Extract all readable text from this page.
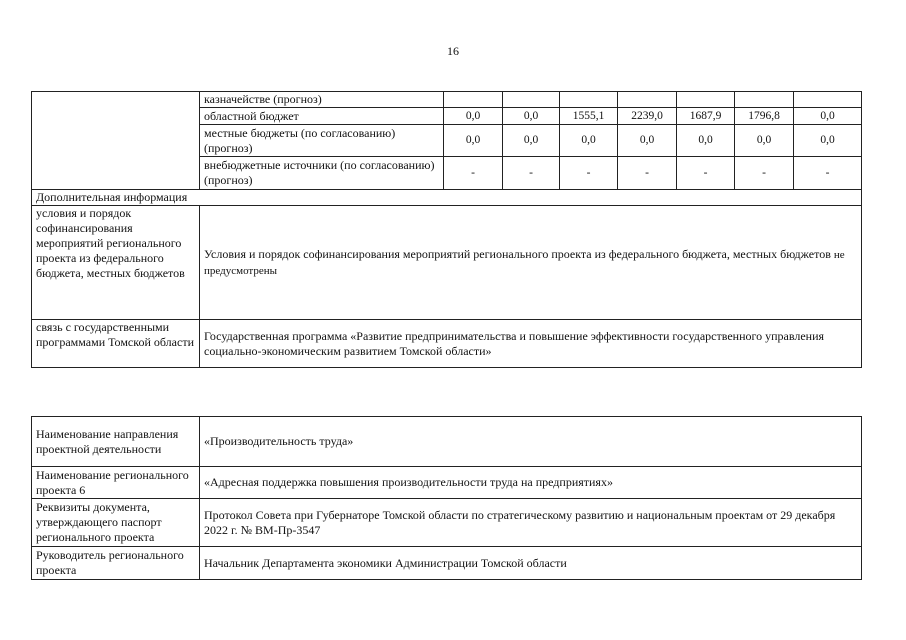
16
	казначействе (прогноз)							
	областной бюджет	0,0	0,0	1555,1	2239,0	1687,9	1796,8	0,0
	местные бюджеты (по согласованию) (прогноз)	0,0	0,0	0,0	0,0	0,0	0,0	0,0
	внебюджетные источники (по согласованию) (прогноз)	-	-	-	-	-	-	-
Дополнительная информация								
условия и порядок софинансирования мероприятий регионального проекта из федерального бюджета, местных бюджетов	Условия и порядок софинансирования мероприятий регионального проекта из федерального бюджета, местных бюджетов не предусмотрены							
связь с государственными программами Томской области	Государственная программа «Развитие предпринимательства и повышение эффективности государственного управления социально-экономическим развитием Томской области»							
Наименование направления проектной деятельности	«Производительность труда»
Наименование регионального проекта 6	«Адресная поддержка повышения производительности труда на предприятиях»
Реквизиты документа, утверждающего паспорт регионального проекта	Протокол Совета при Губернаторе Томской области по стратегическому развитию и национальным проектам от 29 декабря 2022 г. № ВМ-Пр-3547
Руководитель регионального проекта	Начальник Департамента экономики Администрации Томской области
